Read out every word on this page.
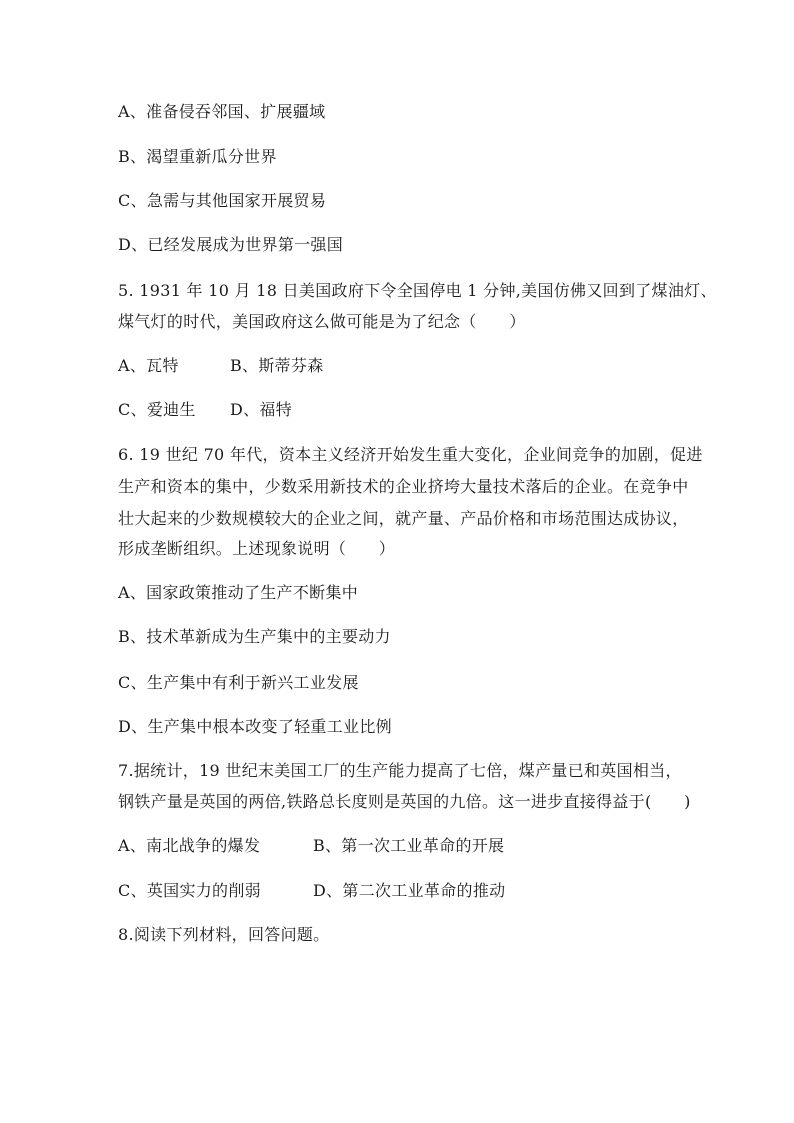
A、准备侵吞邻国、扩展疆域
B、渴望重新瓜分世界
C、急需与其他国家开展贸易
D、已经发展成为世界第一强国
5. 1931 年 10 月 18 日美国政府下令全国停电 1 分钟,美国仿佛又回到了煤油灯、
煤气灯的时代，美国政府这么做可能是为了纪念（　　）
A、瓦特	B、斯蒂芬森
C、爱迪生 D、福特
6. 19 世纪 70 年代，资本主义经济开始发生重大变化，企业间竞争的加剧，促进
生产和资本的集中，少数采用新技术的企业挤垮大量技术落后的企业。在竞争中
壮大起来的少数规模较大的企业之间，就产量、产品价格和市场范围达成协议，
形成垄断组织。上述现象说明（　　）
A、国家政策推动了生产不断集中
B、技术革新成为生产集中的主要动力
C、生产集中有利于新兴工业发展
D、生产集中根本改变了轻重工业比例
7.据统计，19 世纪末美国工厂的生产能力提高了七倍，煤产量已和英国相当，
钢铁产量是英国的两倍,铁路总长度则是英国的九倍。这一进步直接得益于(　　)
A、南北战争的爆发	B、第一次工业革命的开展
C、英国实力的削弱	D、第二次工业革命的推动
8.阅读下列材料，回答问题。
